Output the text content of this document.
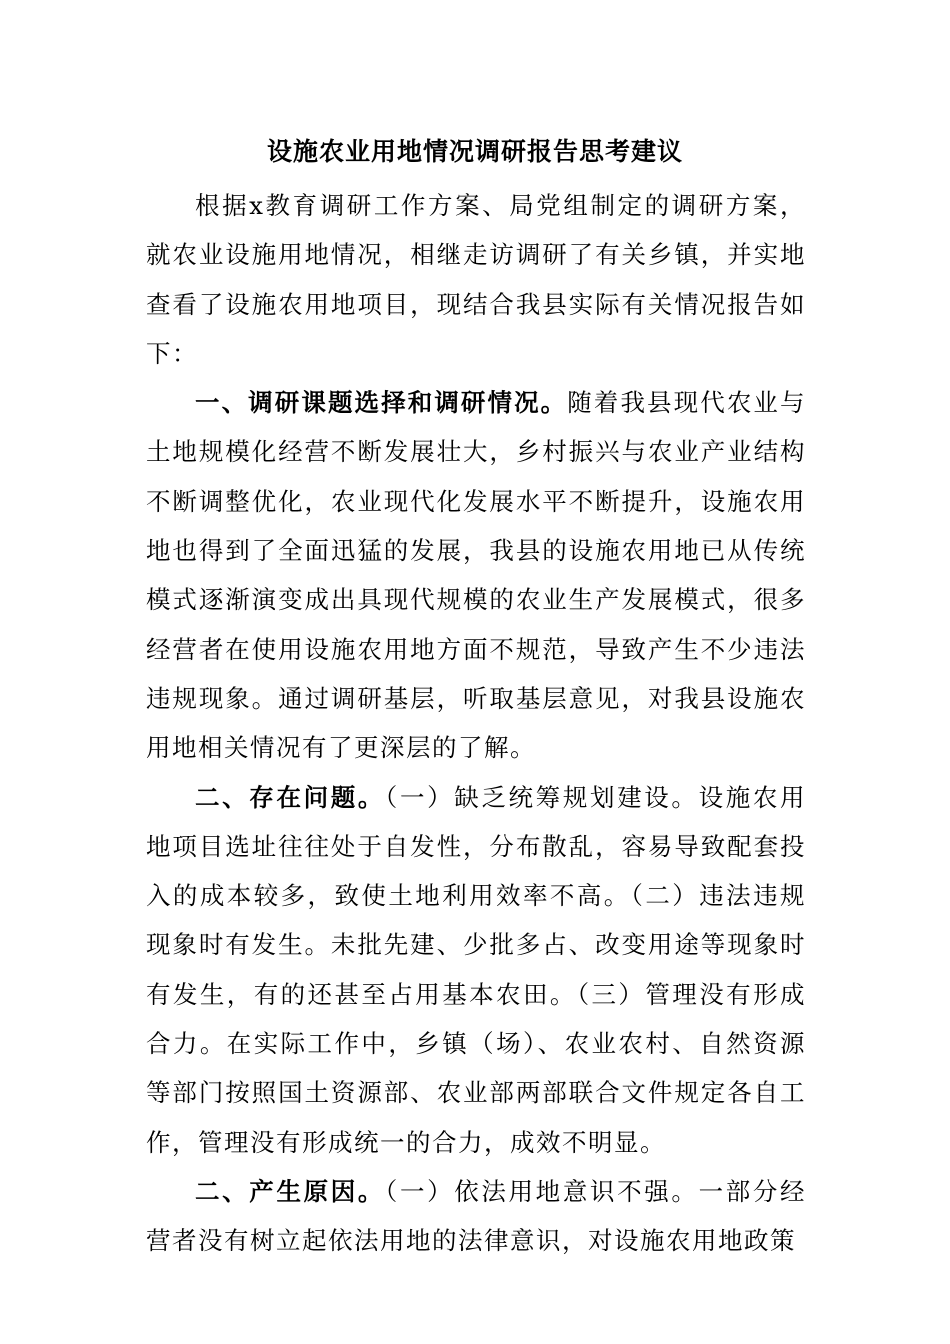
设施农业用地情况调研报告思考建议

根据x教育调研工作方案、局党组制定的调研方案，就农业设施用地情况，相继走访调研了有关乡镇，并实地查看了设施农用地项目，现结合我县实际有关情况报告如下：

一、调研课题选择和调研情况。随着我县现代农业与土地规模化经营不断发展壮大，乡村振兴与农业产业结构不断调整优化，农业现代化发展水平不断提升，设施农用地也得到了全面迅猛的发展，我县的设施农用地已从传统模式逐渐演变成出具现代规模的农业生产发展模式，很多经营者在使用设施农用地方面不规范，导致产生不少违法违规现象。通过调研基层，听取基层意见，对我县设施农用地相关情况有了更深层的了解。

二、存在问题。（一）缺乏统筹规划建设。设施农用地项目选址往往处于自发性，分布散乱，容易导致配套投入的成本较多，致使土地利用效率不高。（二）违法违规现象时有发生。未批先建、少批多占、改变用途等现象时有发生，有的还甚至占用基本农田。（三）管理没有形成合力。在实际工作中，乡镇（场）、农业农村、自然资源等部门按照国土资源部、农业部两部联合文件规定各自工作，管理没有形成统一的合力，成效不明显。

二、产生原因。（一）依法用地意识不强。一部分经营者没有树立起依法用地的法律意识，对设施农用地政策
